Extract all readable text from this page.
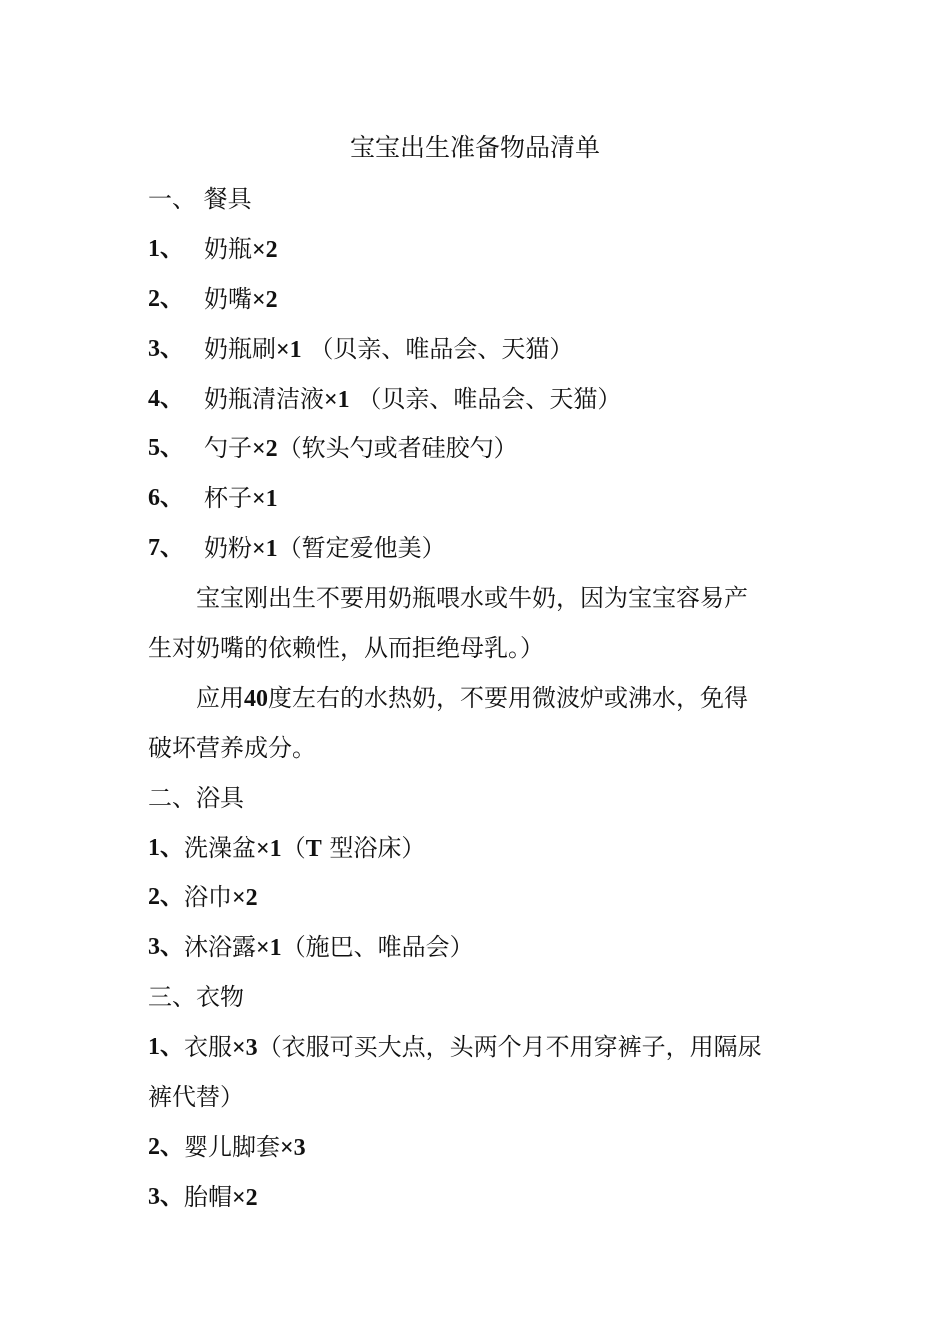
宝宝出生准备物品清单
一、 餐具
1、 奶瓶×2
2、 奶嘴×2
3、 奶瓶刷×1 （贝亲、唯品会、天猫）
4、 奶瓶清洁液×1 （贝亲、唯品会、天猫）
5、 勺子×2（软头勺或者硅胶勺）
6、 杯子×1
7、 奶粉×1（暂定爱他美）
宝宝刚出生不要用奶瓶喂水或牛奶，因为宝宝容易产
生对奶嘴的依赖性，从而拒绝母乳。）
应用40度左右的水热奶，不要用微波炉或沸水，免得
破坏营养成分。
二、浴具
1、 洗澡盆×1（T 型浴床）
2、 浴巾×2
3、 沐浴露×1（施巴、唯品会）
三、衣物
1、 衣服×3（衣服可买大点，头两个月不用穿裤子，用隔尿
裤代替）
2、 婴儿脚套×3
3、 胎帽×2
